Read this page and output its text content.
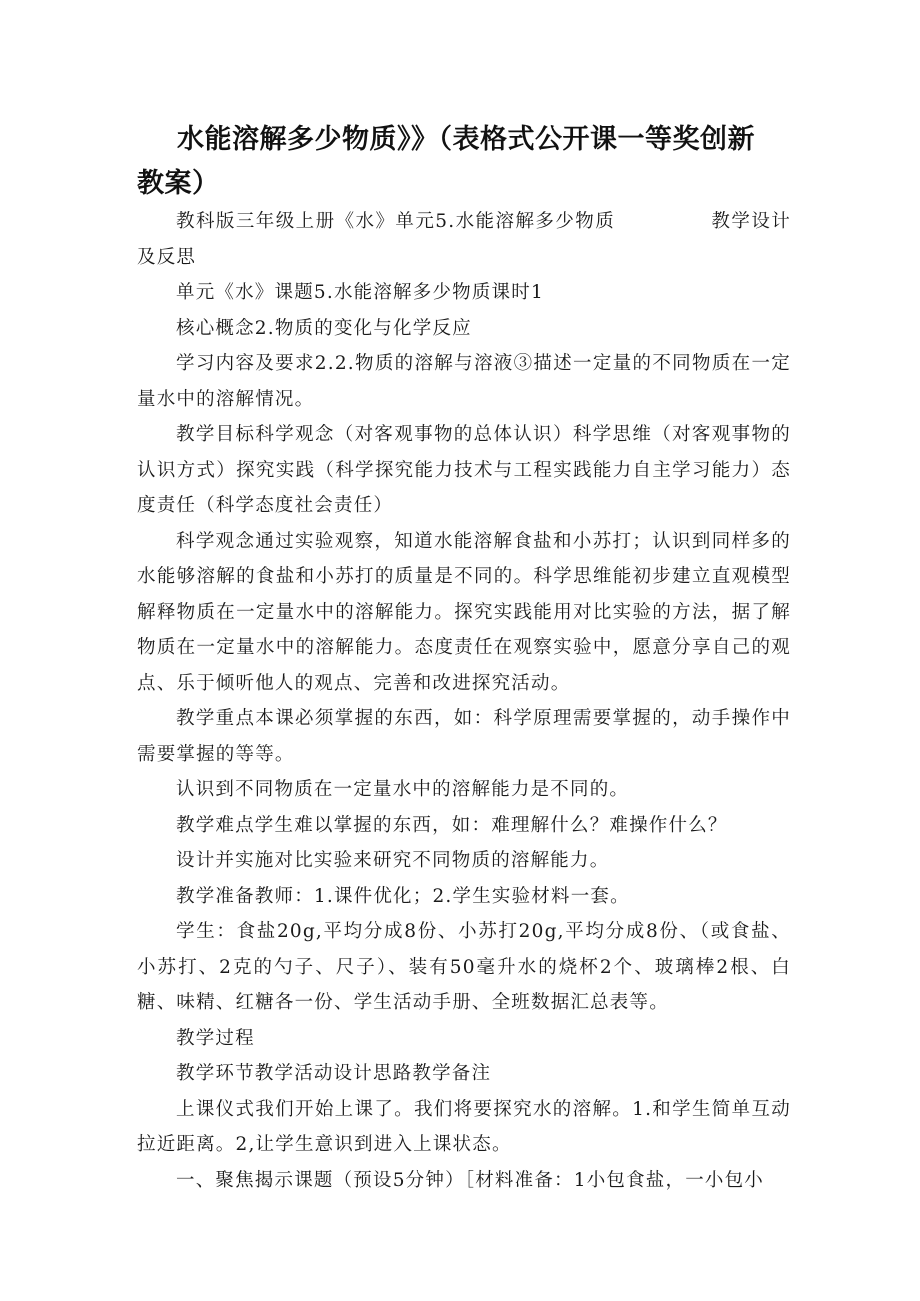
水能溶解多少物质》》（表格式公开课一等奖创新教案）

教科版三年级上册《水》单元5.水能溶解多少物质	教学设计及反思

单元《水》课题5.水能溶解多少物质课时1

核心概念2.物质的变化与化学反应

学习内容及要求2.2.物质的溶解与溶液③描述一定量的不同物质在一定量水中的溶解情况。

教学目标科学观念（对客观事物的总体认识）科学思维（对客观事物的认识方式）探究实践（科学探究能力技术与工程实践能力自主学习能力）态度责任（科学态度社会责任）

科学观念通过实验观察，知道水能溶解食盐和小苏打；认识到同样多的水能够溶解的食盐和小苏打的质量是不同的。科学思维能初步建立直观模型解释物质在一定量水中的溶解能力。探究实践能用对比实验的方法，据了解物质在一定量水中的溶解能力。态度责任在观察实验中，愿意分享自己的观点、乐于倾听他人的观点、完善和改进探究活动。

教学重点本课必须掌握的东西，如：科学原理需要掌握的，动手操作中需要掌握的等等。

认识到不同物质在一定量水中的溶解能力是不同的。

教学难点学生难以掌握的东西，如：难理解什么？难操作什么？

设计并实施对比实验来研究不同物质的溶解能力。

教学准备教师：1.课件优化；2.学生实验材料一套。

学生：食盐20g,平均分成8份、小苏打20g,平均分成8份、（或食盐、小苏打、2克的勺子、尺子）、装有50毫升水的烧杯2个、玻璃棒2根、白糖、味精、红糖各一份、学生活动手册、全班数据汇总表等。

教学过程

教学环节教学活动设计思路教学备注

上课仪式我们开始上课了。我们将要探究水的溶解。1.和学生简单互动拉近距离。2,让学生意识到进入上课状态。

一、聚焦揭示课题（预设5分钟）［材料准备：1小包食盐，一小包小
